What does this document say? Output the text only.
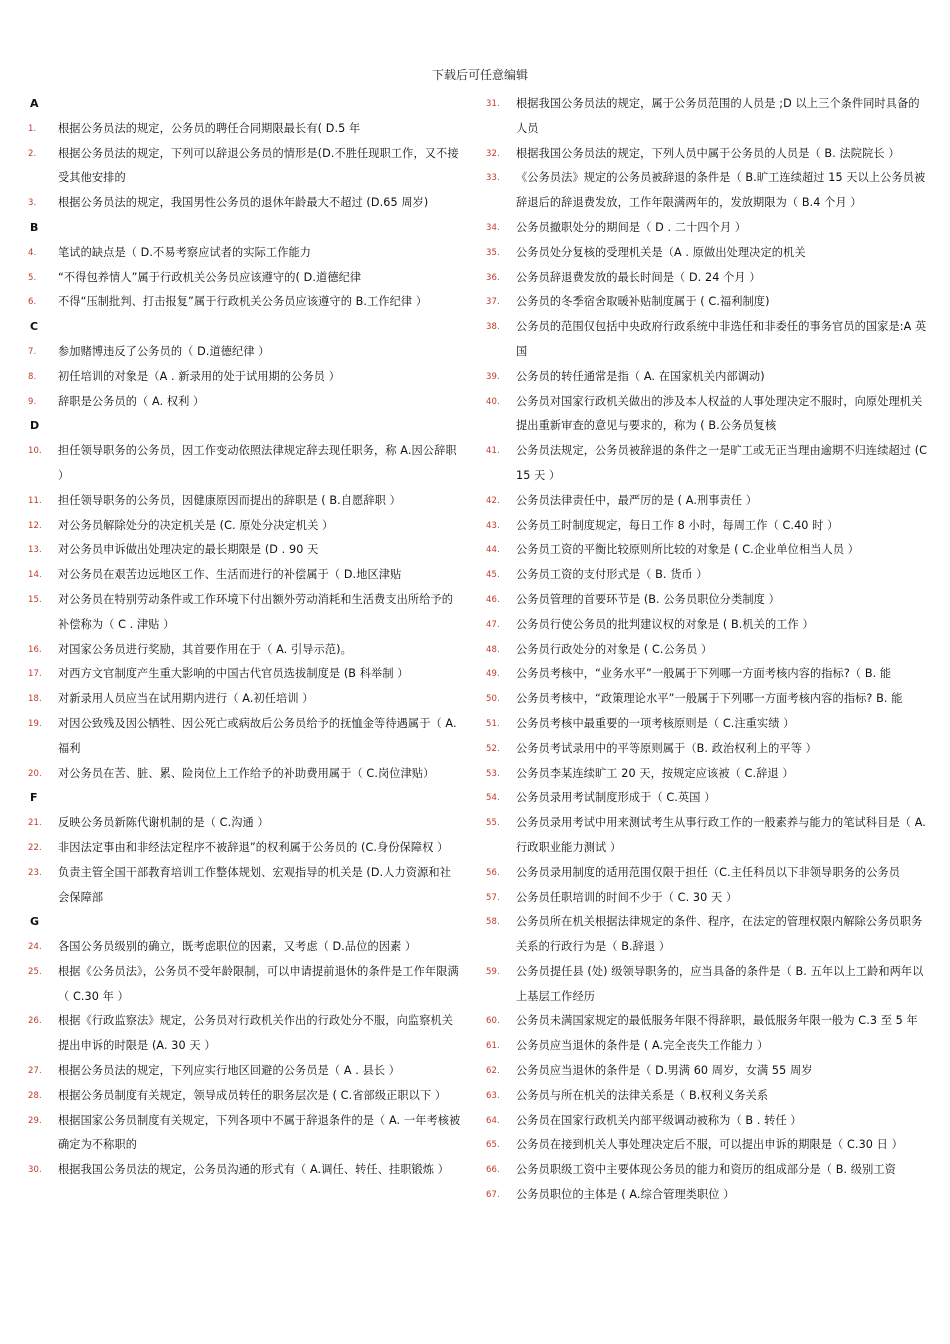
下载后可任意编辑
A
1.	根据公务员法的规定，公务员的聘任合同期限最长有( D.5 年
2.	根据公务员法的规定，下列可以辞退公务员的情形是(D.不胜任现职工作，又不接受其他安排的
3.	根据公务员法的规定，我国男性公务员的退休年龄最大不超过 (D.65 周岁)
B
4.	笔试的缺点是（ D.不易考察应试者的实际工作能力
5.	“不得包养情人”属于行政机关公务员应该遵守的( D.道德纪律
6.	不得“压制批判、打击报复”属于行政机关公务员应该遵守的 B.工作纪律 ）
C
7.	参加赌博违反了公务员的（ D.道德纪律 ）
8.	初任培训的对象是（A . 新录用的处于试用期的公务员 ）
9.	辞职是公务员的（ A. 权利 ）
D
10.	担任领导职务的公务员，因工作变动依照法律规定辞去现任职务，称 A.因公辞职 ）
11.	担任领导职务的公务员，因健康原因而提出的辞职是 ( B.自愿辞职 ）
12.	对公务员解除处分的决定机关是 (C. 原处分决定机关 ）
13.	对公务员申诉做出处理决定的最长期限是 (D . 90 天
14.	对公务员在艰苦边远地区工作、生活而进行的补偿属于（ D.地区津贴
15.	对公务员在特别劳动条件或工作环境下付出额外劳动消耗和生活费支出所给予的补偿称为（ C . 津贴 ）
16.	对国家公务员进行奖励，其首要作用在于（ A. 引导示范)。
17.	对西方文官制度产生重大影响的中国古代官员选拔制度是 (B 科举制 ）
18.	对新录用人员应当在试用期内进行（ A.初任培训 ）
19.	对因公致残及因公牺牲、因公死亡或病故后公务员给予的抚恤金等待遇属于（ A.福利
20.	对公务员在苦、脏、累、险岗位上工作给予的补助费用属于（ C.岗位津贴）
F
21.	反映公务员新陈代谢机制的是（ C.沟通 ）
22.	非因法定事由和非经法定程序不被辞退”的权利属于公务员的 (C.身份保障权 ）
23.	负责主管全国干部教育培训工作整体规划、宏观指导的机关是 (D.人力资源和社会保障部
G
24.	各国公务员级别的确立，既考虑职位的因素，又考虑（ D.品位的因素 ）
25.	根据《公务员法》，公务员不受年龄限制，可以申请提前退休的条件是工作年限满（ C.30 年 ）
26.	根据《行政监察法》规定，公务员对行政机关作出的行政处分不服，向监察机关提出申诉的时限是 (A. 30 天 ）
27.	根据公务员法的规定，下列应实行地区回避的公务员是（ A . 县长 ）
28.	根据公务员制度有关规定，领导成员转任的职务层次是 ( C.省部级正职以下 ）
29.	根据国家公务员制度有关规定，下列各项中不属于辞退条件的是（ A. 一年考核被确定为不称职的
30.	根据我国公务员法的规定，公务员沟通的形式有（ A.调任、转任、挂职锻炼 ）
31.	根据我国公务员法的规定，属于公务员范围的人员是 ;D 以上三个条件同时具备的人员
32.	根据我国公务员法的规定，下列人员中属于公务员的人员是（ B. 法院院长 ）
33.	《公务员法》规定的公务员被辞退的条件是（ B.旷工连续超过 15 天以上公务员被辞退后的辞退费发放，工作年限满两年的，发放期限为（ B.4 个月 ）
34.	公务员撤职处分的期间是（ D . 二十四个月 ）
35.	公务员处分复核的受理机关是（A . 原做出处理决定的机关
36.	公务员辞退费发放的最长时间是（ D. 24 个月 ）
37.	公务员的冬季宿舍取暖补贴制度属于 ( C.福利制度)
38.	公务员的范围仅包括中央政府行政系统中非选任和非委任的事务官员的国家是:A 英国
39.	公务员的转任通常是指（ A. 在国家机关内部调动)
40.	公务员对国家行政机关做出的涉及本人权益的人事处理决定不服时，向原处理机关提出重新审查的意见与要求的，称为 ( B.公务员复核
41.	公务员法规定，公务员被辞退的条件之一是旷工或无正当理由逾期不归连续超过 (C 15 天 ）
42.	公务员法律责任中，最严厉的是 ( A.刑事责任 ）
43.	公务员工时制度规定，每日工作 8 小时，每周工作（ C.40 时 ）
44.	公务员工资的平衡比较原则所比较的对象是 ( C.企业单位相当人员 ）
45.	公务员工资的支付形式是（ B. 货币 ）
46.	公务员管理的首要环节是 (B. 公务员职位分类制度 ）
47.	公务员行使公务员的批判建议权的对象是 ( B.机关的工作 ）
48.	公务员行政处分的对象是 ( C.公务员 ）
49.	公务员考核中，“业务水平”一般属于下列哪一方面考核内容的指标?（ B. 能
50.	公务员考核中，“政策理论水平”一般属于下列哪一方面考核内容的指标? B. 能
51.	公务员考核中最重要的一项考核原则是（ C.注重实绩 ）
52.	公务员考试录用中的平等原则属于（B. 政治权利上的平等 ）
53.	公务员李某连续旷工 20 天，按规定应该被（ C.辞退 ）
54.	公务员录用考试制度形成于（ C.英国 ）
55.	公务员录用考试中用来测试考生从事行政工作的一般素养与能力的笔试科目是（ A. 行政职业能力测试 ）
56.	公务员录用制度的适用范围仅限于担任（C.主任科员以下非领导职务的公务员
57.	公务员任职培训的时间不少于（ C. 30 天 ）
58.	公务员所在机关根据法律规定的条件、程序，在法定的管理权限内解除公务员职务关系的行政行为是（ B.辞退 ）
59.	公务员提任县 (处) 级领导职务的，应当具备的条件是（ B. 五年以上工龄和两年以上基层工作经历
60.	公务员未满国家规定的最低服务年限不得辞职，最低服务年限一般为 C.3 至 5 年
61.	公务员应当退休的条件是 ( A.完全丧失工作能力 ）
62.	公务员应当退休的条件是（ D.男满 60 周岁，女满 55 周岁
63.	公务员与所在机关的法律关系是（ B.权利义务关系
64.	公务员在国家行政机关内部平级调动被称为（ B . 转任 ）
65.	公务员在接到机关人事处理决定后不服，可以提出申诉的期限是（ C.30 日 ）
66.	公务员职级工资中主要体现公务员的能力和资历的组成部分是（ B. 级别工资
67.	公务员职位的主体是 ( A.综合管理类职位 ）
